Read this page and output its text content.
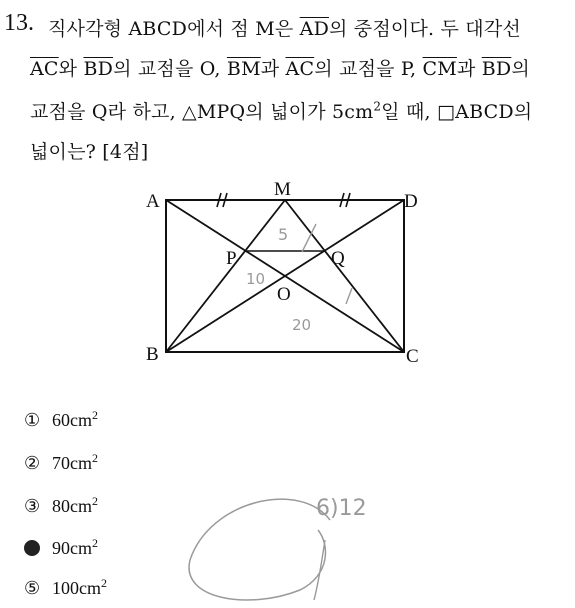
13. 직사각형 ABCD에서 점 M은 $\overline{AD}$의 중점이다. 두 대각선
$\overline{AC}$와 $\overline{BD}$의 교점을 O, $\overline{BM}$과 $\overline{AC}$의 교점을 P, $\overline{CM}$과 $\overline{BD}$의
교점을 Q라 하고, △MPQ의 넓이가 $5cm^2$일 때, □ABCD의
넓이는? [4점]
A	D
B	C
M
P	Q
O
5
10
20
6)12
① $60cm^2$
② $70cm^2$
③ $80cm^2$
$90cm^2$
⑤ $100cm^2$
